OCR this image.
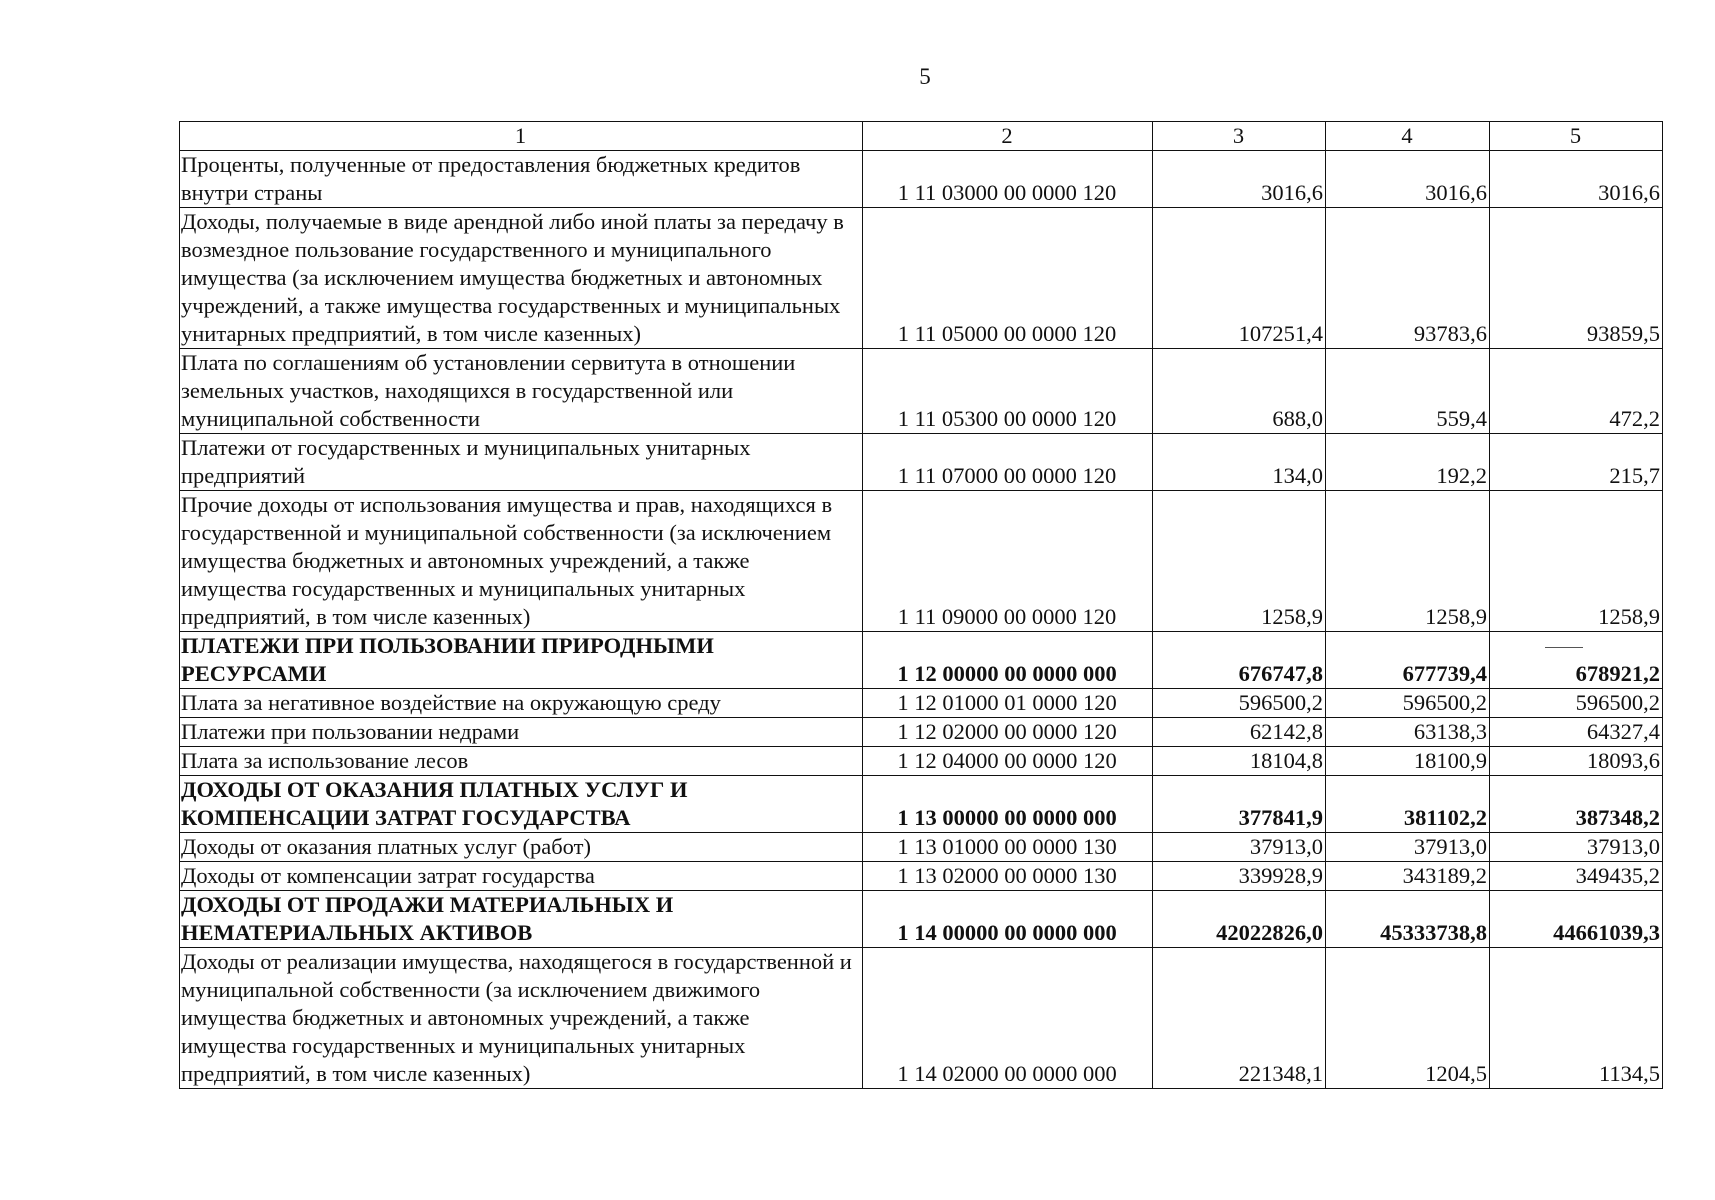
5
1	2	3	4	5
Проценты, полученные от предоставления бюджетных кредитов внутри страны	1 11 03000 00 0000 120	3016,6	3016,6	3016,6
Доходы, получаемые в виде арендной либо иной платы за передачу в возмездное пользование государственного и муниципального имущества (за исключением имущества бюджетных и автономных учреждений, а также имущества государственных и муниципальных унитарных предприятий, в том числе казенных)	1 11 05000 00 0000 120	107251,4	93783,6	93859,5
Плата по соглашениям об установлении сервитута в отношении земельных участков, находящихся в государственной или муниципальной собственности	1 11 05300 00 0000 120	688,0	559,4	472,2
Платежи от государственных и муниципальных унитарных предприятий	1 11 07000 00 0000 120	134,0	192,2	215,7
Прочие доходы от использования имущества и прав, находящихся в государственной и муниципальной собственности (за исключением имущества бюджетных и автономных учреждений, а также имущества государственных и муниципальных унитарных предприятий, в том числе казенных)	1 11 09000 00 0000 120	1258,9	1258,9	1258,9
ПЛАТЕЖИ ПРИ ПОЛЬЗОВАНИИ ПРИРОДНЫМИ РЕСУРСАМИ	1 12 00000 00 0000 000	676747,8	677739,4	678921,2
Плата за негативное воздействие на окружающую среду	1 12 01000 01 0000 120	596500,2	596500,2	596500,2
Платежи при пользовании недрами	1 12 02000 00 0000 120	62142,8	63138,3	64327,4
Плата за использование лесов	1 12 04000 00 0000 120	18104,8	18100,9	18093,6
ДОХОДЫ ОТ ОКАЗАНИЯ ПЛАТНЫХ УСЛУГ И КОМПЕНСАЦИИ ЗАТРАТ ГОСУДАРСТВА	1 13 00000 00 0000 000	377841,9	381102,2	387348,2
Доходы от оказания платных услуг (работ)	1 13 01000 00 0000 130	37913,0	37913,0	37913,0
Доходы от компенсации затрат государства	1 13 02000 00 0000 130	339928,9	343189,2	349435,2
ДОХОДЫ ОТ ПРОДАЖИ МАТЕРИАЛЬНЫХ И НЕМАТЕРИАЛЬНЫХ АКТИВОВ	1 14 00000 00 0000 000	42022826,0	45333738,8	44661039,3
Доходы от реализации имущества, находящегося в государственной и муниципальной собственности (за исключением движимого имущества бюджетных и автономных учреждений, а также имущества государственных и муниципальных унитарных предприятий, в том числе казенных)	1 14 02000 00 0000 000	221348,1	1204,5	1134,5
